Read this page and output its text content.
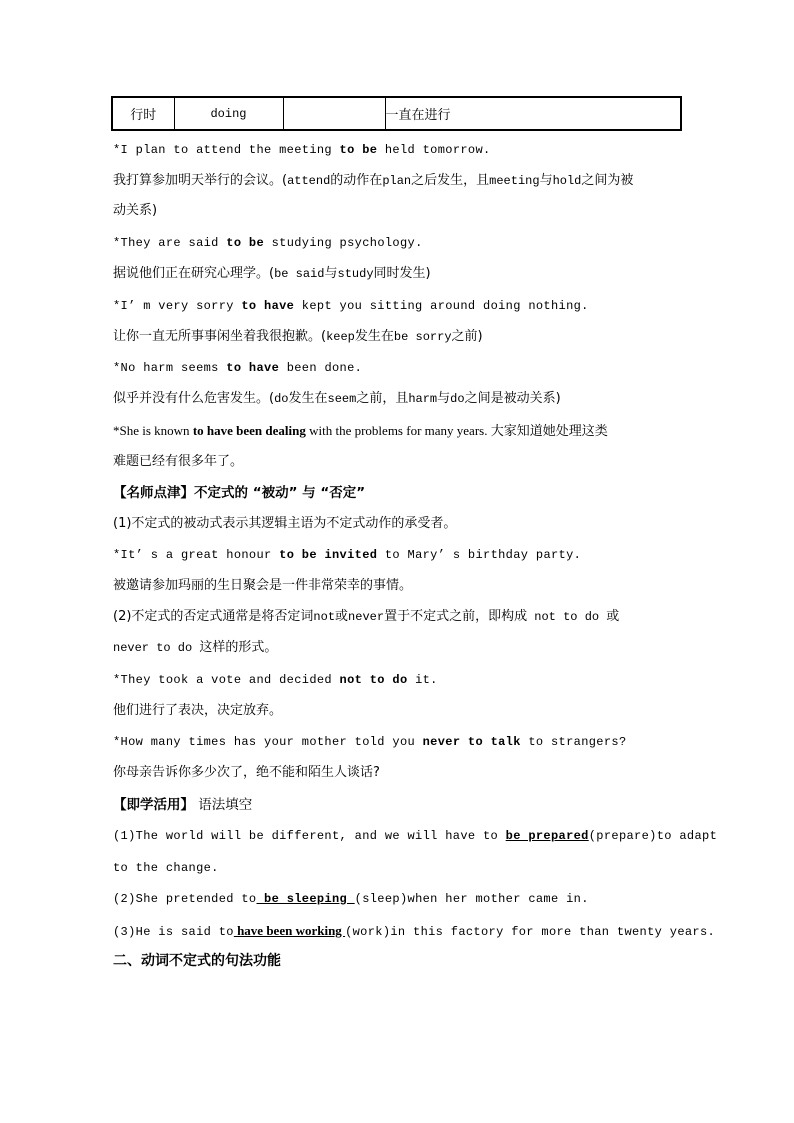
行时	doing		一直在进行
*I plan to attend the meeting to be held tomorrow.
我打算参加明天举行的会议。(attend的动作在plan之后发生，且meeting与hold之间为被
动关系)
*They are said to be studying psychology.
据说他们正在研究心理学。(be said与study同时发生)
*I’ m very sorry to have kept you sitting around doing nothing.
让你一直无所事事闲坐着我很抱歉。(keep发生在be sorry之前)
*No harm seems to have been done.
似乎并没有什么危害发生。(do发生在seem之前，且harm与do之间是被动关系)
*She is known to have been dealing with the problems for many years. 大家知道她处理这类
难题已经有很多年了。
【名师点津】不定式的 “被动” 与 “否定”
(1)不定式的被动式表示其逻辑主语为不定式动作的承受者。
*It’ s a great honour to be invited to Mary’ s birthday party.
被邀请参加玛丽的生日聚会是一件非常荣幸的事情。
(2)不定式的否定式通常是将否定词not或never置于不定式之前，即构成 not to do 或
never to do 这样的形式。
*They took a vote and decided not to do it.
他们进行了表决，决定放弃。
*How many times has your mother told you never to talk to strangers?
你母亲告诉你多少次了，绝不能和陌生人谈话?
【即学活用】 语法填空
(1)The world will be different, and we will have to be prepared(prepare)to adapt
to the change.
(2)She pretended to be sleeping (sleep)when her mother came in.
(3)He is said to have been working (work)in this factory for more than twenty years.
二、动词不定式的句法功能
